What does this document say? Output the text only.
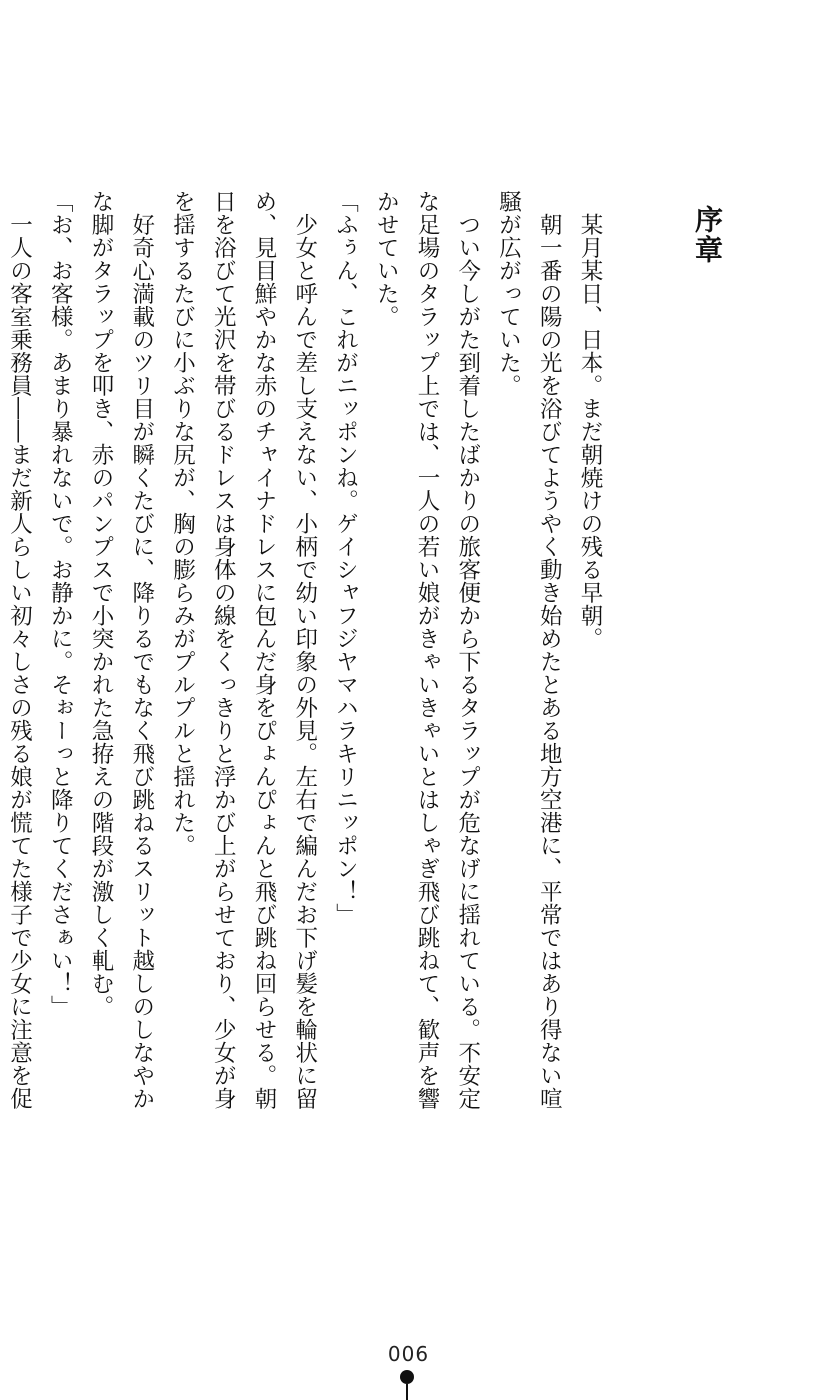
序章
　某月某日、日本。まだ朝焼けの残る早朝。
　朝一番の陽の光を浴びてようやく動き始めたとある地方空港に、平常ではあり得ない喧
騒が広がっていた。
　つい今しがた到着したばかりの旅客便から下るタラップが危なげに揺れている。不安定
な足場のタラップ上では、一人の若い娘がきゃいきゃいとはしゃぎ飛び跳ねて、歓声を響
かせていた。
「ふぅん、これがニッポンね。ゲイシャフジヤマハラキリニッポン！」
　少女と呼んで差し支えない、小柄で幼い印象の外見。左右で編んだお下げ髪を輪状に留
め、見目鮮やかな赤のチャイナドレスに包んだ身をぴょんぴょんと飛び跳ね回らせる。朝
日を浴びて光沢を帯びるドレスは身体の線をくっきりと浮かび上がらせており、少女が身
を揺するたびに小ぶりな尻が、胸の膨らみがプルプルと揺れた。
　好奇心満載のツリ目が瞬くたびに、降りるでもなく飛び跳ねるスリット越しのしなやか
な脚がタラップを叩き、赤のパンプスで小突かれた急拵えの階段が激しく軋む。
「お、お客様。あまり暴れないで。お静かに。そぉーっと降りてくださぁい！」
　一人の客室乗務員――まだ新人らしい初々しさの残る娘が慌てた様子で少女に注意を促
006
